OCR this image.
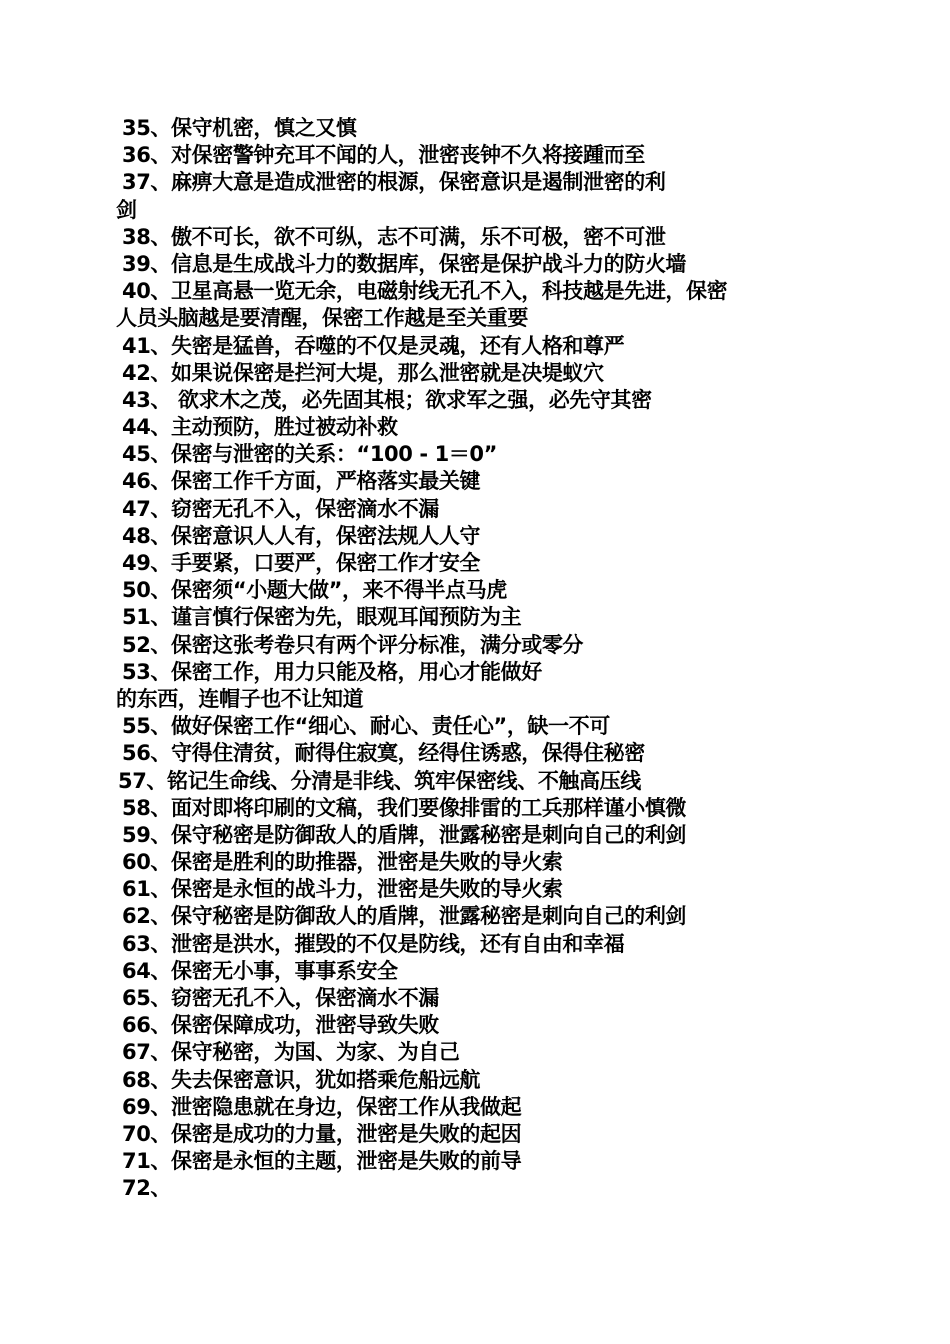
35、保守机密，慎之又慎
36、对保密警钟充耳不闻的人，泄密丧钟不久将接踵而至
37、麻痹大意是造成泄密的根源，保密意识是遏制泄密的利
剑
38、傲不可长，欲不可纵，志不可满，乐不可极，密不可泄
39、信息是生成战斗力的数据库，保密是保护战斗力的防火墙
40、卫星高悬一览无余，电磁射线无孔不入，科技越是先进，保密
人员头脑越是要清醒，保密工作越是至关重要
41、失密是猛兽，吞噬的不仅是灵魂，还有人格和尊严
42、如果说保密是拦河大堤，那么泄密就是决堤蚁穴
43、 欲求木之茂，必先固其根；欲求军之强，必先守其密
44、主动预防，胜过被动补救
45、保密与泄密的关系：“100 - 1＝0”
46、保密工作千方面，严格落实最关键
47、窃密无孔不入，保密滴水不漏
48、保密意识人人有，保密法规人人守
49、手要紧，口要严，保密工作才安全
50、保密须“小题大做”，来不得半点马虎
51、谨言慎行保密为先，眼观耳闻预防为主
52、保密这张考卷只有两个评分标准，满分或零分
53、保密工作，用力只能及格，用心才能做好
的东西，连帽子也不让知道
55、做好保密工作“细心、耐心、责任心”，缺一不可
56、守得住清贫，耐得住寂寞，经得住诱惑，保得住秘密
57、铭记生命线、分清是非线、筑牢保密线、不触高压线
58、面对即将印刷的文稿，我们要像排雷的工兵那样谨小慎微
59、保守秘密是防御敌人的盾牌，泄露秘密是刺向自己的利剑
60、保密是胜利的助推器，泄密是失败的导火索
61、保密是永恒的战斗力，泄密是失败的导火索
62、保守秘密是防御敌人的盾牌，泄露秘密是刺向自己的利剑
63、泄密是洪水，摧毁的不仅是防线，还有自由和幸福
64、保密无小事，事事系安全
65、窃密无孔不入，保密滴水不漏
66、保密保障成功，泄密导致失败
67、保守秘密，为国、为家、为自己
68、失去保密意识，犹如搭乘危船远航
69、泄密隐患就在身边，保密工作从我做起
70、保密是成功的力量，泄密是失败的起因
71、保密是永恒的主题，泄密是失败的前导
72、
